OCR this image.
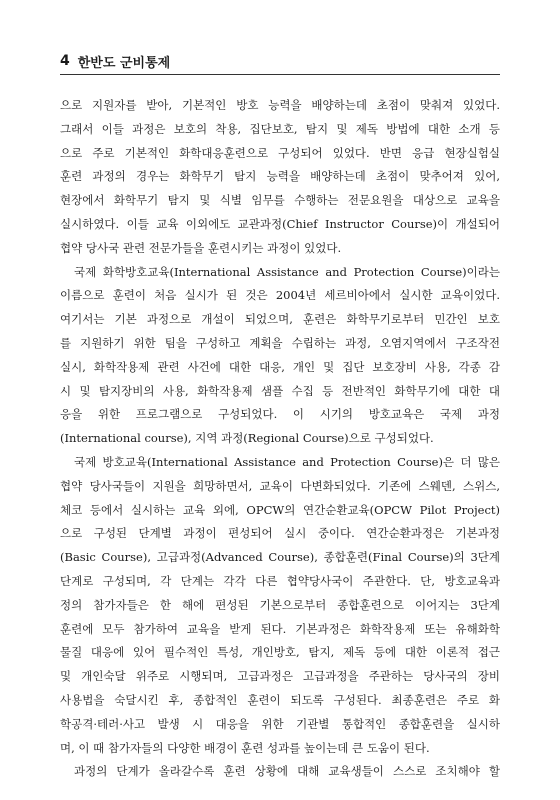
4 한반도 군비통제
으로 지원자를 받아, 기본적인 방호 능력을 배양하는데 초점이 맞춰져 있었다.
그래서 이들 과정은 보호의 착용, 집단보호, 탐지 및 제독 방법에 대한 소개 등
으로 주로 기본적인 화학대응훈련으로 구성되어 있었다. 반면 응급 현장실험실
훈련 과정의 경우는 화학무기 탐지 능력을 배양하는데 초점이 맞추어져 있어,
현장에서 화학무기 탐지 및 식별 임무를 수행하는 전문요원을 대상으로 교육을
실시하였다. 이들 교육 이외에도 교관과정(Chief Instructor Course)이 개설되어
협약 당사국 관련 전문가들을 훈련시키는 과정이 있었다.
국제 화학방호교육(International Assistance and Protection Course)이라는
이름으로 훈련이 처음 실시가 된 것은 2004년 세르비아에서 실시한 교육이었다.
여기서는 기본 과정으로 개설이 되었으며, 훈련은 화학무기로부터 민간인 보호
를 지원하기 위한 팀을 구성하고 계획을 수립하는 과정, 오염지역에서 구조작전
실시, 화학작용제 관련 사건에 대한 대응, 개인 및 집단 보호장비 사용, 각종 감
시 및 탐지장비의 사용, 화학작용제 샘플 수집 등 전반적인 화학무기에 대한 대
응을 위한 프로그램으로 구성되었다. 이 시기의 방호교육은 국제 과정
(International course), 지역 과정(Regional Course)으로 구성되었다.
국제 방호교육(International Assistance and Protection Course)은 더 많은
협약 당사국들이 지원을 희망하면서, 교육이 다변화되었다. 기존에 스웨덴, 스위스,
체코 등에서 실시하는 교육 외에, OPCW의 연간순환교육(OPCW Pilot Project)
으로 구성된 단계별 과정이 편성되어 실시 중이다. 연간순환과정은 기본과정
(Basic Course), 고급과정(Advanced Course), 종합훈련(Final Course)의 3단계
단계로 구성되며, 각 단계는 각각 다른 협약당사국이 주관한다. 단, 방호교육과
정의 참가자들은 한 해에 편성된 기본으로부터 종합훈련으로 이어지는 3단계
훈련에 모두 참가하여 교육을 받게 된다. 기본과정은 화학작용제 또는 유해화학
물질 대응에 있어 필수적인 특성, 개인방호, 탐지, 제독 등에 대한 이론적 접근
및 개인숙달 위주로 시행되며, 고급과정은 고급과정을 주관하는 당사국의 장비
사용법을 숙달시킨 후, 종합적인 훈련이 되도록 구성된다. 최종훈련은 주로 화
학공격·테러·사고 발생 시 대응을 위한 기관별 통합적인 종합훈련을 실시하
며, 이 때 참가자들의 다양한 배경이 훈련 성과를 높이는데 큰 도움이 된다.
과정의 단계가 올라갈수록 훈련 상황에 대해 교육생들이 스스로 조치해야 할
